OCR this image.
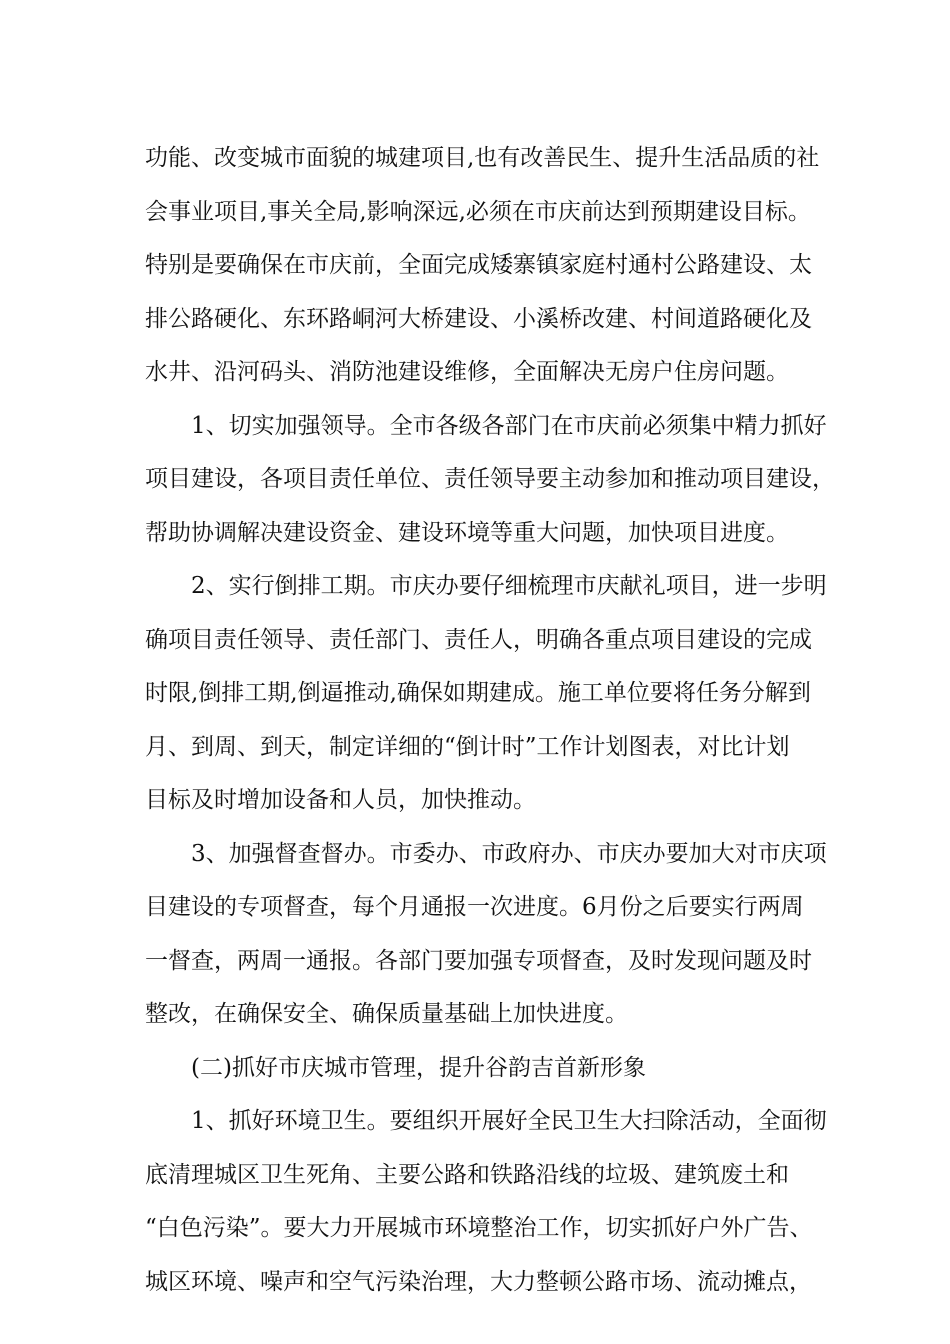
功能、改变城市面貌的城建项目,也有改善民生、提升生活品质的社
会事业项目,事关全局,影响深远,必须在市庆前达到预期建设目标。
特别是要确保在市庆前，全面完成矮寨镇家庭村通村公路建设、太
排公路硬化、东环路峒河大桥建设、小溪桥改建、村间道路硬化及
水井、沿河码头、消防池建设维修，全面解决无房户住房问题。
1、切实加强领导。全市各级各部门在市庆前必须集中精力抓好
项目建设，各项目责任单位、责任领导要主动参加和推动项目建设，
帮助协调解决建设资金、建设环境等重大问题，加快项目进度。
2、实行倒排工期。市庆办要仔细梳理市庆献礼项目，进一步明
确项目责任领导、责任部门、责任人，明确各重点项目建设的完成
时限,倒排工期,倒逼推动,确保如期建成。施工单位要将任务分解到
月、到周、到天，制定详细的“倒计时”工作计划图表，对比计划
目标及时增加设备和人员，加快推动。
3、加强督查督办。市委办、市政府办、市庆办要加大对市庆项
目建设的专项督查，每个月通报一次进度。6月份之后要实行两周
一督查，两周一通报。各部门要加强专项督查，及时发现问题及时
整改，在确保安全、确保质量基础上加快进度。
(二)抓好市庆城市管理，提升谷韵吉首新形象
1、抓好环境卫生。要组织开展好全民卫生大扫除活动，全面彻
底清理城区卫生死角、主要公路和铁路沿线的垃圾、建筑废土和
“白色污染”。要大力开展城市环境整治工作，切实抓好户外广告、
城区环境、噪声和空气污染治理，大力整顿公路市场、流动摊点，
